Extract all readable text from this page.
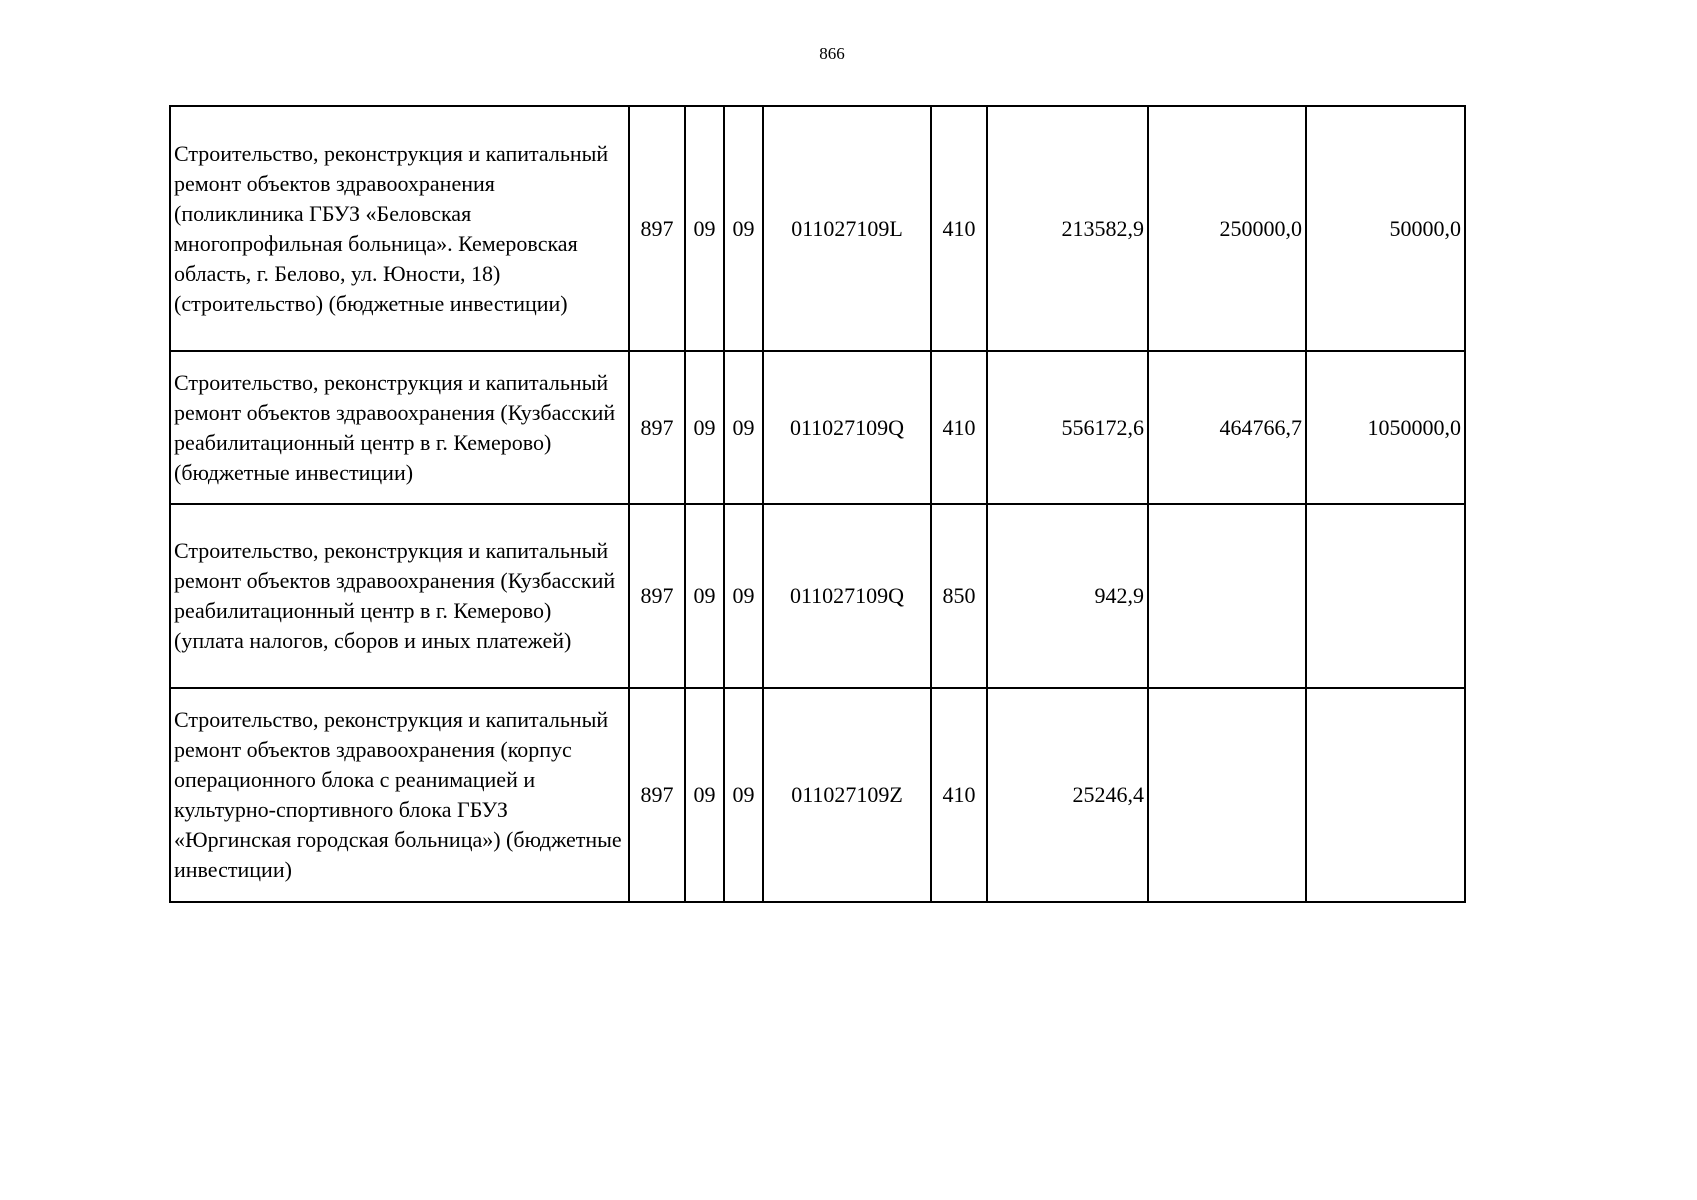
866
Строительство, реконструкция и капитальный ремонт объектов здравоохранения (поликлиника ГБУЗ «Беловская многопрофильная больница». Кемеровская область, г. Белово, ул. Юности, 18) (строительство) (бюджетные инвестиции)	897	09	09	011027109L	410	213582,9	250000,0	50000,0
Строительство, реконструкция и капитальный ремонт объектов здравоохранения (Кузбасский реабилитационный центр в г. Кемерово) (бюджетные инвестиции)	897	09	09	011027109Q	410	556172,6	464766,7	1050000,0
Строительство, реконструкция и капитальный ремонт объектов здравоохранения (Кузбасский реабилитационный центр в г. Кемерово) (уплата налогов, сборов и иных платежей)	897	09	09	011027109Q	850	942,9		
Строительство, реконструкция и капитальный ремонт объектов здравоохранения (корпус операционного блока с реанимацией и культурно-спортивного блока ГБУЗ «Юргинская городская больница») (бюджетные инвестиции)	897	09	09	011027109Z	410	25246,4		
